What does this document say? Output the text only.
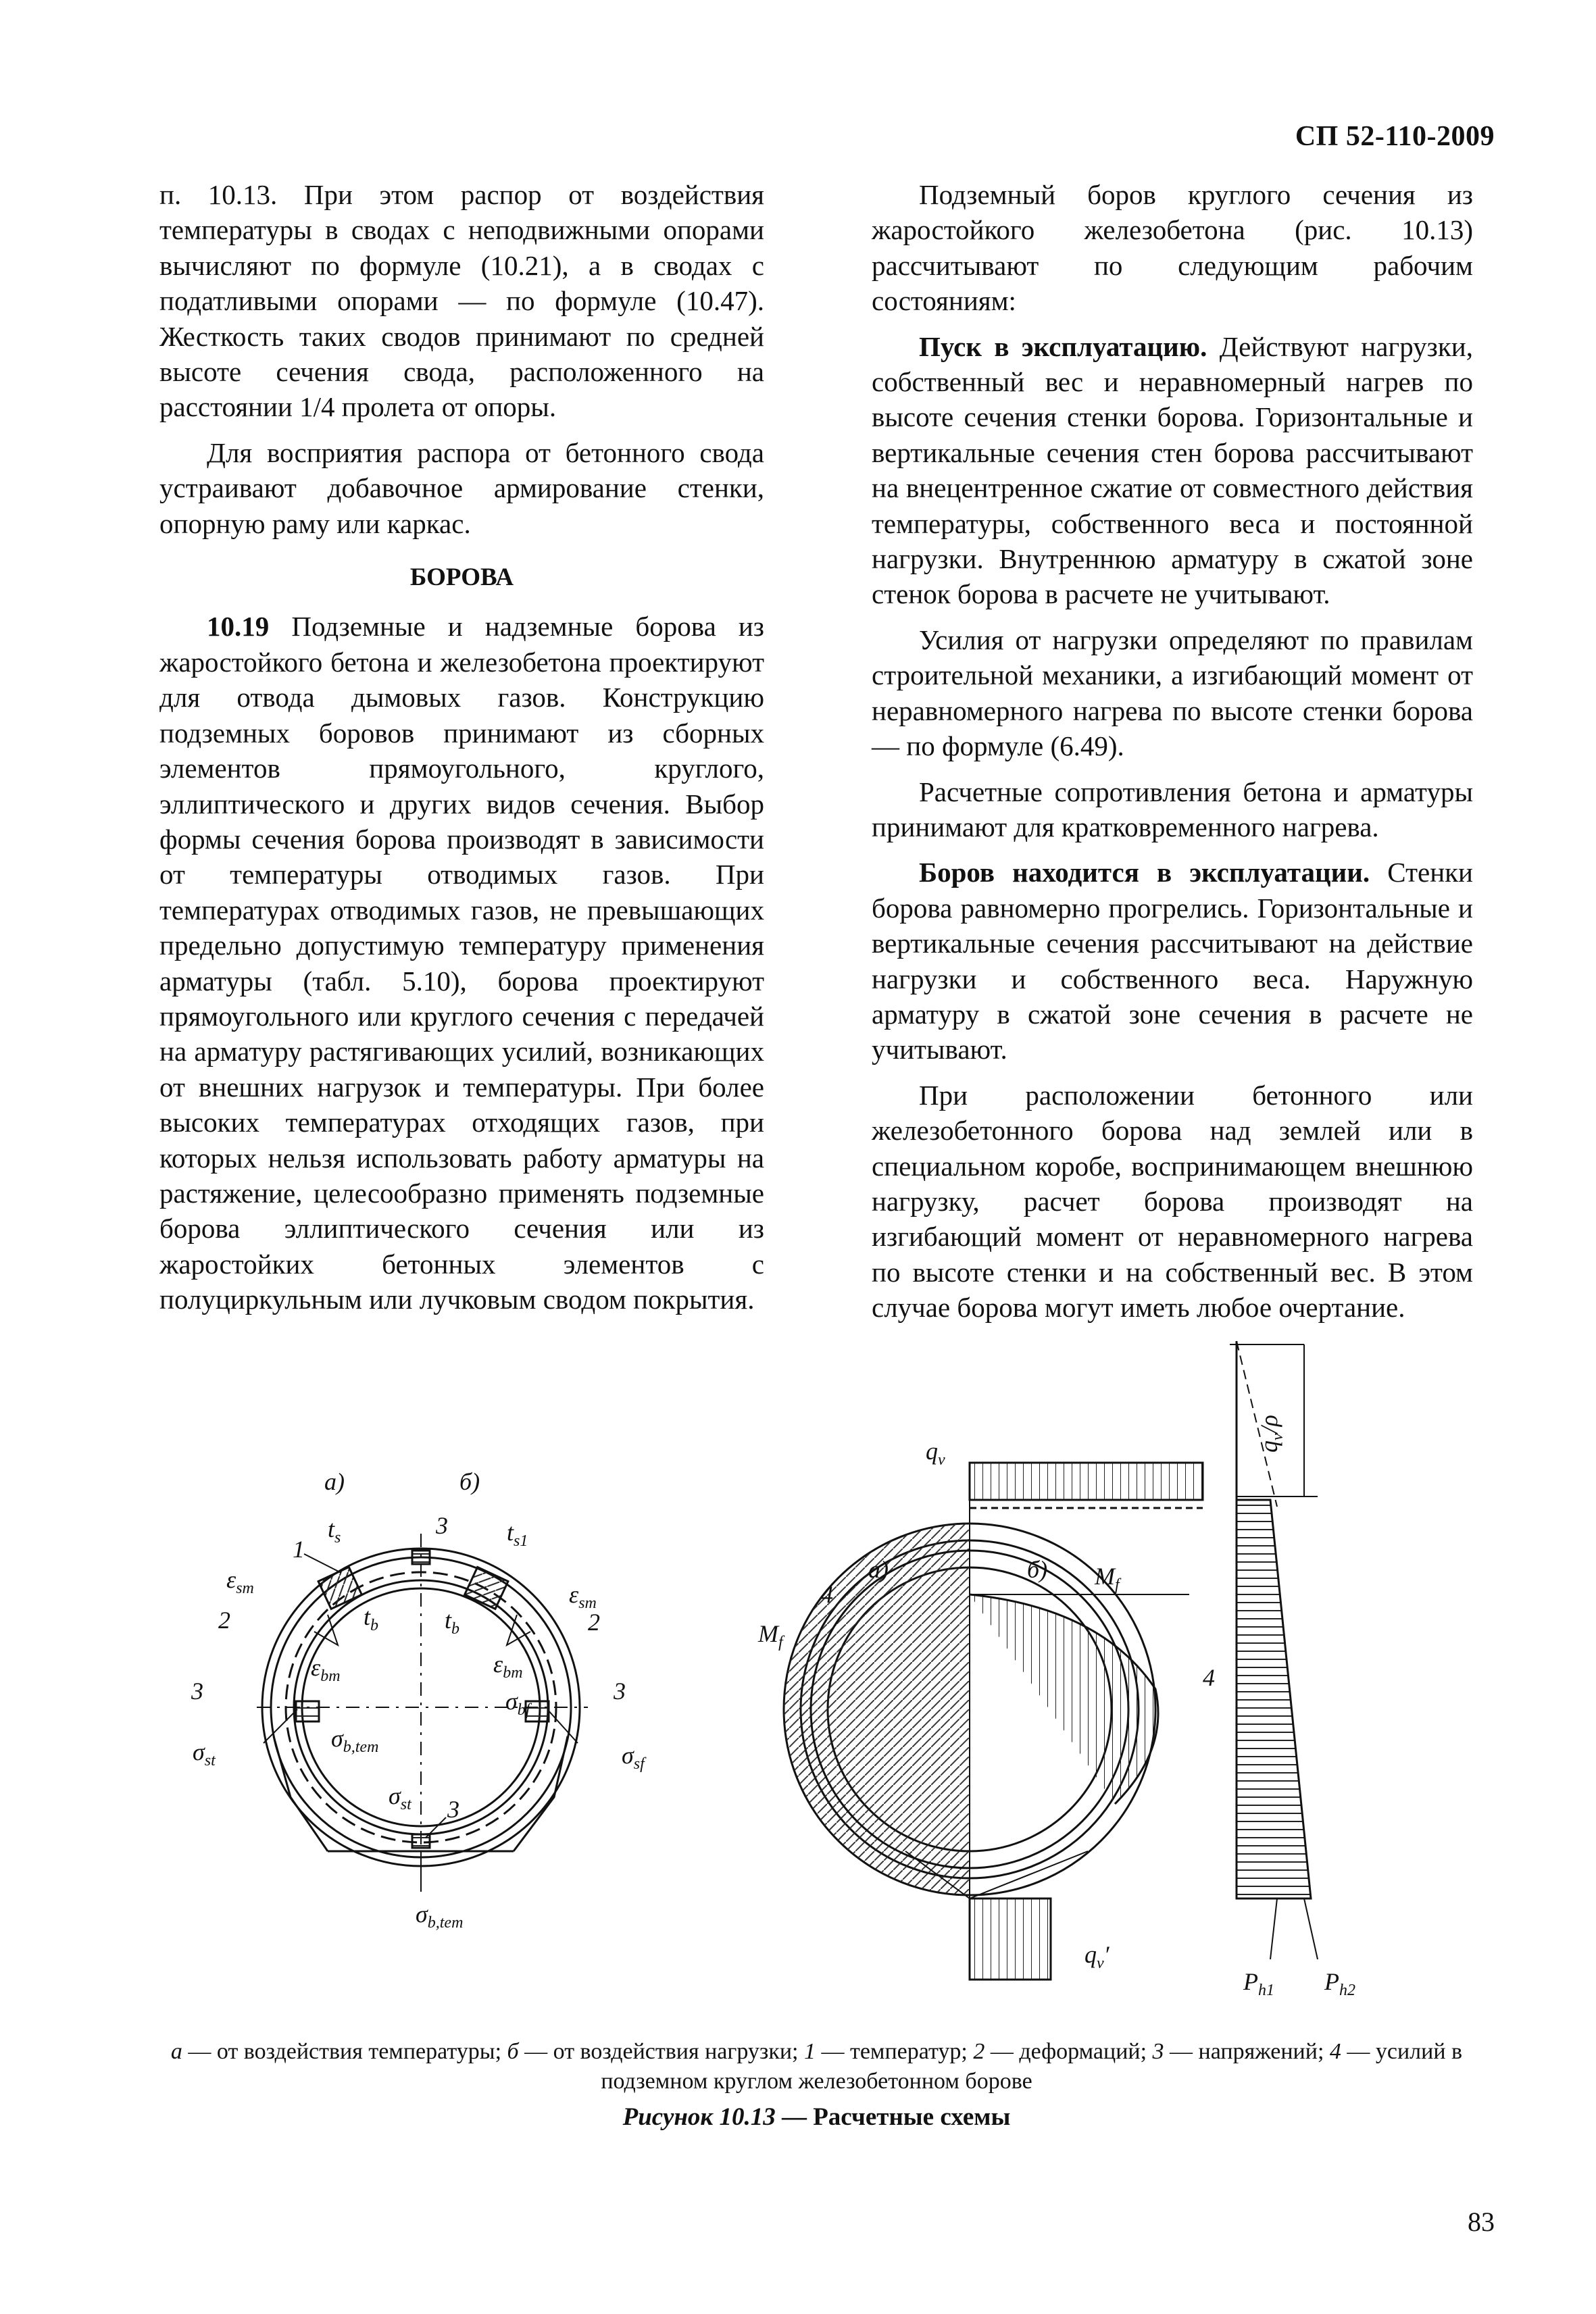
СП 52-110-2009

п. 10.13. При этом распор от воздействия температуры в сводах с неподвижными опорами вычисляют по формуле (10.21), а в сводах с податливыми опорами — по формуле (10.47). Жесткость таких сводов принимают по средней высоте сечения свода, расположенного на расстоянии 1/4 пролета от опоры.

Для восприятия распора от бетонного свода устраивают добавочное армирование стенки, опорную раму или каркас.

БОРОВА

10.19 Подземные и надземные борова из жаростойкого бетона и железобетона проектируют для отвода дымовых газов. Конструкцию подземных боровов принимают из сборных элементов прямоугольного, круглого, эллиптического и других видов сечения. Выбор формы сечения борова производят в зависимости от температуры отводимых газов. При температурах отводимых газов, не превышающих предельно допустимую температуру применения арматуры (табл. 5.10), борова проектируют прямоугольного или круглого сечения с передачей на арматуру растягивающих усилий, возникающих от внешних нагрузок и температуры. При более высоких температурах отходящих газов, при которых нельзя использовать работу арматуры на растяжение, целесообразно применять подземные борова эллиптического сечения или из жаростойких бетонных элементов с полуциркульным или лучковым сводом покрытия.

Подземный боров круглого сечения из жаростойкого железобетона (рис. 10.13) рассчитывают по следующим рабочим состояниям:

Пуск в эксплуатацию. Действуют нагрузки, собственный вес и неравномерный нагрев по высоте сечения стенки борова. Горизонтальные и вертикальные сечения стен борова рассчитывают на внецентренное сжатие от совместного действия температуры, собственного веса и постоянной нагрузки. Внутреннюю арматуру в сжатой зоне стенок борова в расчете не учитывают.

Усилия от нагрузки определяют по правилам строительной механики, а изгибающий момент от неравномерного нагрева по высоте стенки борова — по формуле (6.49).

Расчетные сопротивления бетона и арматуры принимают для кратковременного нагрева.

Боров находится в эксплуатации. Стенки борова равномерно прогрелись. Горизонтальные и вертикальные сечения рассчитывают на действие нагрузки и собственного веса. Наружную арматуру в сжатой зоне сечения в расчете не учитывают.

При расположении бетонного или железобетонного борова над землей или в специальном коробе, воспринимающем внешнюю нагрузку, расчет борова производят на изгибающий момент от неравномерного нагрева по высоте стенки и на собственный вес. В этом случае борова могут иметь любое очертание.

а)	б)
1
3
$t_s$	$t_{s1}$
$\varepsilon_{sm}$	$\varepsilon_{sm}$
2	2
$t_b$	$t_b$
$\varepsilon_{bm}$	$\varepsilon_{bm}$
3	3
$\sigma_{bf}$
$\sigma_{b,tem}$
$\sigma_{st}$	$\sigma_{sf}$
$\sigma_{st}$ 3
$\sigma_{b,tem}$
а)	б)
4
4
$q_v$
$M_f$
$M_f$
$q_v'$
$q_v/\rho$
$P_{h1}$ $P_{h2}$
а — от воздействия температуры; б — от воздействия нагрузки; 1 — температур; 2 — деформаций; 3 — напряжений; 4 — усилий в подземном круглом железобетонном борове
Рисунок 10.13 — Расчетные схемы
83
